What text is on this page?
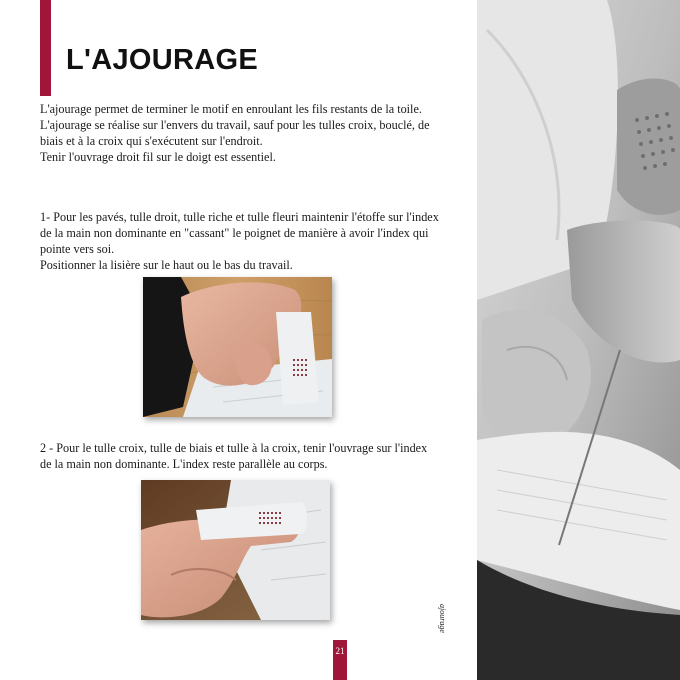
L'AJOURAGE

L'ajourage permet de terminer le motif en enroulant les fils restants de la toile.

L'ajourage se réalise sur l'envers du travail, sauf pour les tulles croix, bouclé, de biais et à la croix qui s'exécutent sur l'endroit.

Tenir l'ouvrage droit fil sur le doigt est essentiel.

1- Pour les pavés, tulle droit, tulle riche et tulle fleuri maintenir l'étoffe sur l'index de la main non dominante en "cassant" le poignet de manière à avoir l'index qui pointe vers soi.

Positionner la lisière sur le haut ou le bas du travail.

2 - Pour le tulle croix, tulle de biais et tulle à la croix, tenir l'ouvrage sur l'index de la main non dominante. L'index reste parallèle au corps.

ajourage
21
